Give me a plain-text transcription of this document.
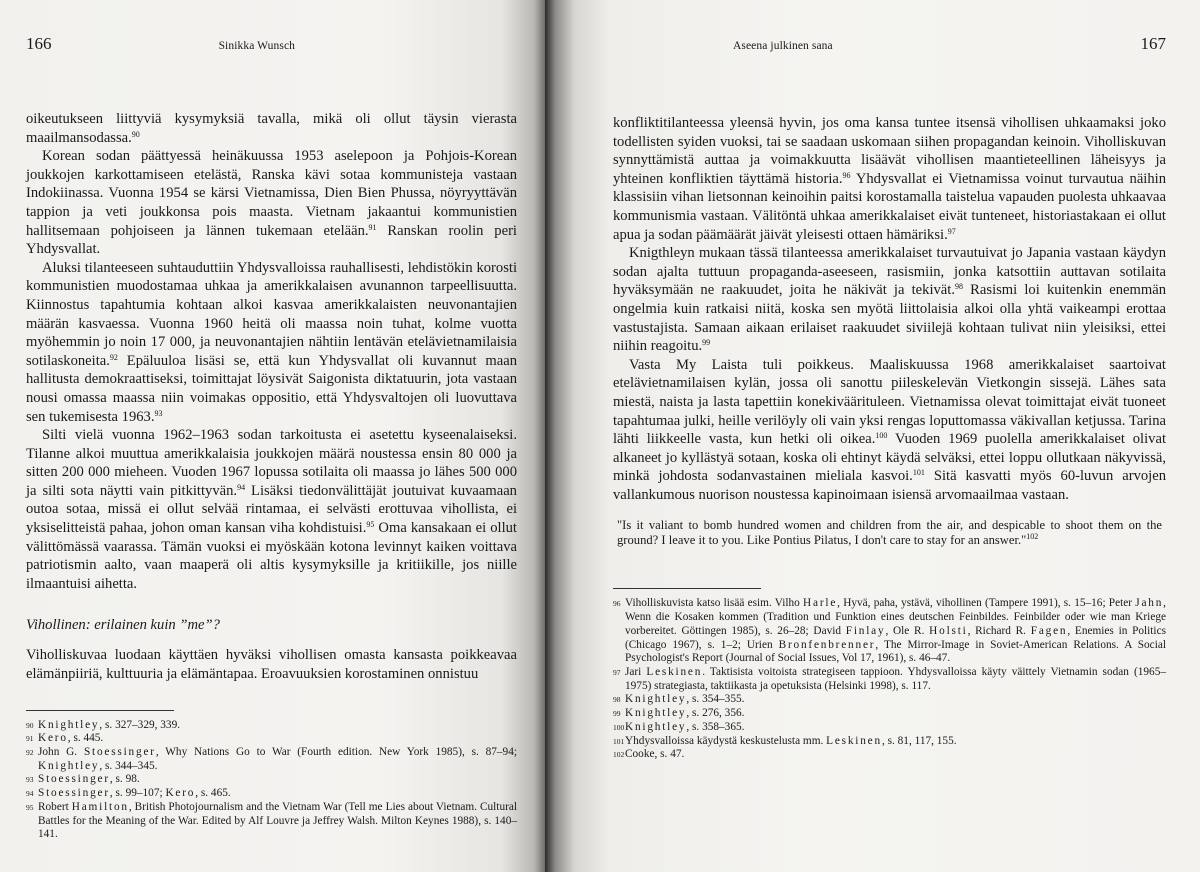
166	Sinikka Wunsch

oikeutukseen liittyviä kysymyksiä tavalla, mikä oli ollut täysin vierasta maailmansodassa.$^{90}$

Korean sodan päättyessä heinäkuussa 1953 aselepoon ja Pohjois-Korean joukkojen karkottamiseen etelästä, Ranska kävi sotaa kommunisteja vastaan Indokiinassa. Vuonna 1954 se kärsi Vietnamissa, Dien Bien Phussa, nöyryyttävän tappion ja veti joukkonsa pois maasta. Vietnam jakaantui kommunistien hallitsemaan pohjoiseen ja lännen tukemaan etelään.$^{91}$ Ranskan roolin peri Yhdysvallat.

Aluksi tilanteeseen suhtauduttiin Yhdysvalloissa rauhallisesti, lehdistökin korosti kommunistien muodostamaa uhkaa ja amerikkalaisen avunannon tarpeellisuutta. Kiinnostus tapahtumia kohtaan alkoi kasvaa amerikkalaisten neuvonantajien määrän kasvaessa. Vuonna 1960 heitä oli maassa noin tuhat, kolme vuotta myöhemmin jo noin 17 000, ja neuvonantajien nähtiin lentävän etelävietnamilaisia sotilaskoneita.$^{92}$ Epäluuloa lisäsi se, että kun Yhdysvallat oli kuvannut maan hallitusta demokraattiseksi, toimittajat löysivät Saigonista diktatuurin, jota vastaan nousi omassa maassa niin voimakas oppositio, että Yhdysvaltojen oli luovuttava sen tukemisesta 1963.93

Silti vielä vuonna 1962–1963 sodan tarkoitusta ei asetettu kyseenalaiseksi. Tilanne alkoi muuttua amerikkalaisia joukkojen määrä noustessa ensin 80 000 ja sitten 200 000 mieheen. Vuoden 1967 lopussa sotilaita oli maassa jo lähes 500 000 ja silti sota näytti vain pitkittyvän.$^{94}$ Lisäksi tiedonvälittäjät joutuivat kuvaamaan outoa sotaa, missä ei ollut selvää rintamaa, ei selvästi erottuvaa vihollista, ei yksiselitteistä pahaa, johon oman kansan viha kohdistuisi.$^{95}$ Oma kansakaan ei ollut välittömässä vaarassa. Tämän vuoksi ei myöskään kotona levinnyt kaiken voittava patriotismin aalto, vaan maaperä oli altis kysymyksille ja kritiikille, jos niille ilmaantuisi aihetta.

Vihollinen: erilainen kuin ”me”?

Viholliskuvaa luodaan käyttäen hyväksi vihollisen omasta kansasta poikkeavaa elämänpiiriä, kulttuuria ja elämäntapaa. Eroavuuksien korostaminen onnistuu

90 Knightley, s. 327–329, 339.
91 Kero, s. 445.
92 John G. Stoessinger, Why Nations Go to War (Fourth edition. New York 1985), s. 87–94; Knightley, s. 344–345.
93 Stoessinger, s. 98.
94 Stoessinger, s. 99–107; Kero, s. 465.
95 Robert Hamilton, British Photojournalism and the Vietnam War (Tell me Lies about Vietnam. Cultural Battles for the Meaning of the War. Edited by Alf Louvre ja Jeffrey Walsh. Milton Keynes 1988), s. 140–141.
Aseena julkinen sana	167

konfliktitilanteessa yleensä hyvin, jos oma kansa tuntee itsensä vihollisen uhkaamaksi joko todellisten syiden vuoksi, tai se saadaan uskomaan siihen propagandan keinoin. Viholliskuvan synnyttämistä auttaa ja voimakkuutta lisäävät vihollisen maantieteellinen läheisyys ja yhteinen konfliktien täyttämä historia.$^{96}$ Yhdysvallat ei Vietnamissa voinut turvautua näihin klassisiin vihan lietsonnan keinoihin paitsi korostamalla taistelua vapauden puolesta uhkaavaa kommunismia vastaan. Välitöntä uhkaa amerikkalaiset eivät tunteneet, historiastakaan ei ollut apua ja sodan päämäärät jäivät yleisesti ottaen hämäriksi.$^{97}$

Knigthleyn mukaan tässä tilanteessa amerikkalaiset turvautuivat jo Japania vastaan käydyn sodan ajalta tuttuun propaganda-aseeseen, rasismiin, jonka katsottiin auttavan sotilaita hyväksymään ne raakuudet, joita he näkivät ja tekivät.$^{98}$ Rasismi loi kuitenkin enemmän ongelmia kuin ratkaisi niitä, koska sen myötä liittolaisia alkoi olla yhtä vaikeampi erottaa vastustajista. Samaan aikaan erilaiset raakuudet siviilejä kohtaan tulivat niin yleisiksi, ettei niihin reagoitu.$^{99}$

Vasta My Laista tuli poikkeus. Maaliskuussa 1968 amerikkalaiset saartoivat etelävietnamilaisen kylän, jossa oli sanottu piileskelevän Vietkongin sissejä. Lähes sata miestä, naista ja lasta tapettiin konekiväärituleen. Vietnamissa olevat toimittajat eivät tuoneet tapahtumaa julki, heille verilöyly oli vain yksi rengas loputtomassa väkivallan ketjussa. Tarina lähti liikkeelle vasta, kun hetki oli oikea.$^{100}$ Vuoden 1969 puolella amerikkalaiset olivat alkaneet jo kyllästyä sotaan, koska oli ehtinyt käydä selväksi, ettei loppu ollutkaan näkyvissä, minkä johdosta sodanvastainen mieliala kasvoi.$^{101}$ Sitä kasvatti myös 60-luvun arvojen vallankumous nuorison noustessa kapinoimaan isiensä arvomaailmaa vastaan.

"Is it valiant to bomb hundred women and children from the air, and despicable to shoot them on the ground? I leave it to you. Like Pontius Pilatus, I don't care to stay for an answer."$^{102}$
96 Viholliskuvista katso lisää esim. Vilho Harle, Hyvä, paha, ystävä, vihollinen (Tampere 1991), s. 15–16; Peter Jahn, Wenn die Kosaken kommen (Tradition und Funktion eines deutschen Feinbildes. Feinbilder oder wie man Kriege vorbereitet. Göttingen 1985), s. 26–28; David Finlay, Ole R. Holsti, Richard R. Fagen, Enemies in Politics (Chicago 1967), s. 1–2; Urien Bronfenbrenner, The Mirror-Image in Soviet-American Relations. A Social Psychologist's Report (Journal of Social Issues, Vol 17, 1961), s. 46–47.
97 Jari Leskinen. Taktisista voitoista strategiseen tappioon. Yhdysvalloissa käyty väittely Vietnamin sodan (1965–1975) strategiasta, taktiikasta ja opetuksista (Helsinki 1998), s. 117.
98 Knightley, s. 354–355.
99 Knightley, s. 276, 356.
100 Knightley, s. 358–365.
101 Yhdysvalloissa käydystä keskustelusta mm. Leskinen, s. 81, 117, 155.
102 Cooke, s. 47.
